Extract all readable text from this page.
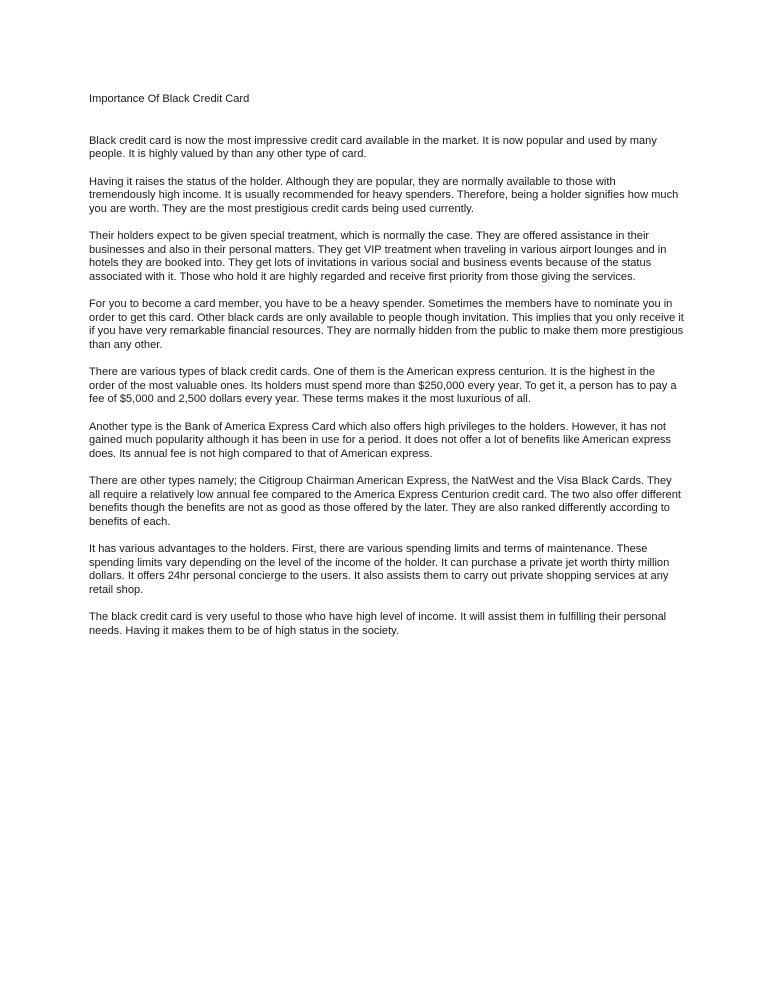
Importance Of Black Credit Card

Black credit card is now the most impressive credit card available in the market. It is now popular and used by many people. It is highly valued by than any other type of card.

Having it raises the status of the holder. Although they are popular, they are normally available to those with tremendously high income. It is usually recommended for heavy spenders. Therefore, being a holder signifies how much you are worth. They are the most prestigious credit cards being used currently.

Their holders expect to be given special treatment, which is normally the case. They are offered assistance in their businesses and also in their personal matters. They get VIP treatment when traveling in various airport lounges and in hotels they are booked into. They get lots of invitations in various social and business events because of the status associated with it. Those who hold it are highly regarded and receive first priority from those giving the services.

For you to become a card member, you have to be a heavy spender. Sometimes the members have to nominate you in order to get this card. Other black cards are only available to people though invitation. This implies that you only receive it if you have very remarkable financial resources. They are normally hidden from the public to make them more prestigious than any other.

There are various types of black credit cards. One of them is the American express centurion. It is the highest in the order of the most valuable ones. Its holders must spend more than $250,000 every year. To get it, a person has to pay a fee of $5,000 and 2,500 dollars every year. These terms makes it the most luxurious of all.

Another type is the Bank of America Express Card which also offers high privileges to the holders. However, it has not gained much popularity although it has been in use for a period. It does not offer a lot of benefits like American express does. Its annual fee is not high compared to that of American express.

There are other types namely; the Citigroup Chairman American Express, the NatWest and the Visa Black Cards. They all require a relatively low annual fee compared to the America Express Centurion credit card. The two also offer different benefits though the benefits are not as good as those offered by the later. They are also ranked differently according to benefits of each.

It has various advantages to the holders. First, there are various spending limits and terms of maintenance. These spending limits vary depending on the level of the income of the holder. It can purchase a private jet worth thirty million dollars. It offers 24hr personal concierge to the users. It also assists them to carry out private shopping services at any retail shop.

The black credit card is very useful to those who have high level of income. It will assist them in fulfilling their personal needs. Having it makes them to be of high status in the society.
